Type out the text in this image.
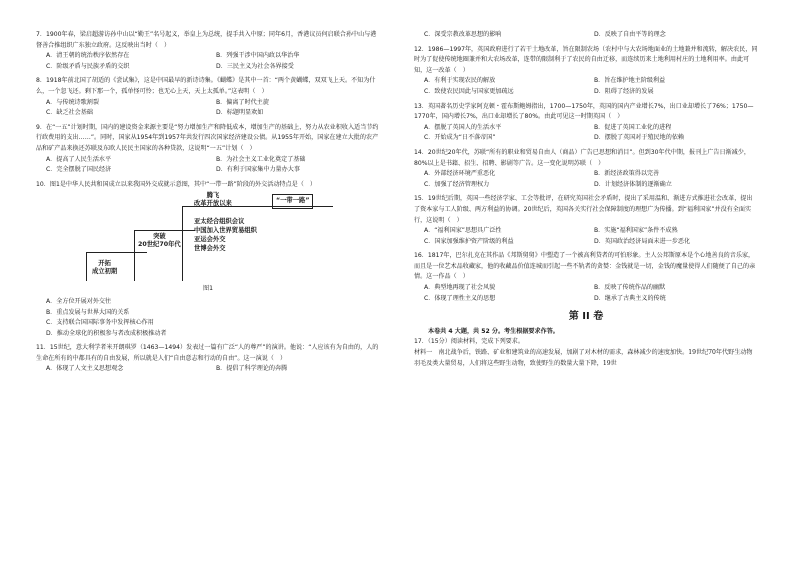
7．1900年春，梁启超游访孙中山以“勤王”名号起义，举皇上为总统，提手共入中原；同年6月，香港议员何启联合孙中山与港督善合推组织广东独立政府。这反映出当时（　）

A．清王朝的统治秩序依然存在	B．列强干涉中国内政以华治华
C．阶级矛盾与民族矛盾的交织	D．三民主义为社会各界接受

8．1918年前北国了胡适的《尝试集》，这是中国最早的新诗诗集。《蝴蝶》是其中一首：“两个黄蝴蝶，双双飞上天。不知为什么，一个忽飞还。剩下那一个，孤单怪可怜；也无心上天，天上太孤单。”这表明（　）

A．与传统诗歌割裂	B．偏离了时代主旋
C．缺乏社会基础	D．标题明显欢如

9．在“一五”计划时期，国内的建设资金来源主要是“努力增加生产和降低成本，增加生产的基础上，努力从农业积收入适当节约行政费用的支出……”。同时，国家从1954年到1957年共发行四次国家经济建设公债。从1955年开始，国家在建立大批的农产品和矿产品来换还苏联及东欧人民民主国家的各种贷款，这说明“一五”计划（　）

A．提高了人民生活水平	B．为社会主义工业化奠定了基础
C．完全摆脱了国民经济	D．有利于国家集中力量办大事

10．图1是中华人民共和国成立以来我国外交成就示意图，其中“一带一路”阶段的外交活动特点是（　）

开拓
成立初期
突破
20世纪70年代
腾飞
改革开放以来	“一带一路”
亚太经合组织会议
中国加入世界贸易组织
亚运会外交
世博会外交
图1
A．全方位开展对外交往
B．重点发展与世界大国的关系
C．支持联合国国际事务中发挥核心作用
D．推动全球化的积极参与者改成积极推动者

11．15世纪，意大利学者米开朗琪罗（1463—1494）发表过一篇有广泛“人的尊严”的演讲。他说：“人应该有为自由的，人的生命在所有的中都具有的自由发展，所以就是人们“自由意志和行动的自由”。这一演说（　）

A．体现了人文主义思想观念	B．提倡了科学理论的奔腾
C．深受宗教改革思想的影响	D．反映了自由平等的理念

12．1986—1997年，英国政府进行了若干土地改革，旨在限制农场（农村中与大农场地面业的土地兼并和流转，解决农民，同时为了促使传统地圈兼并和大农场改革，连带的限制利于了农民的自由迁移，而连续历来土地利用村庄的土地利用率。由此可知，这一改革（　）

A．有利于实现农民的解放	B．旨在维护地主阶级利益
C．致使农民因此与国家更加疏远	D．阻碍了经济的发展

13．英国著名历史学家阿克顿・霍布斯鲍姆指出，1700—1750年，英国的国内产业增长7%，出口业却增长了76%；1750—1770年，国内增长7%，出口业却增长了80%。由此可见这一时期英国（　）

A．摆脱了英国人的生活水平	B．促进了英国工业化的进程
C．开始成为“日不落帝国”	D．摆脱了英国对于殖民地的依赖

14．20世纪20年代，苏联“所有的职业和贸易自由人（商品）广告已思想和消目”。但到30年代中期，报刊上广告日渐减少，80%以上是书籍、招生、招聘、影剧等广告。这一变化说明苏联（　）

A．外部经济环境严重恶化	B．新经济政策得以完善
C．加强了经济管理权力	D．计划经济体制的逐渐确立

15．19世纪后期，英国一些经济学家、工会等批评，在研究英国社会矛盾时，提出了采用温和、渐进方式推进社会改革，提出了资本家与工人阶级、两方利益的协调。20世纪后，英国各关实行社会保障制度的理想广为传播。到“福利国家”并没有全面实行，这说明（　）

A．“福利国家”思想具广泛性	B．实施“福利国家”条件不成熟
C．国家加强维护资产阶级的利益	D．英国政治经济局面未进一步恶化

16．1817年，巴尔扎克在其作品《邦斯舅舅》中塑造了一个被高利贷者的可怕形象。主人公邦斯原本是个心地善良的音乐家，而且是一位艺术品收藏家，他的收藏品价值连城而引起一些不轨者的贪婪：金钱就是一切，金钱的魔量使得人们随便了自己的亲情。这一作品（　）

A．典型地再现了社会风貌	B．反映了传统作品的幽默
C．体现了理性主义的思想	D．继承了古典主义的传统
第 II 卷

本卷共 4 大题，共 52 分。考生根据要求作答。

17．（15分）阅读材料，完成下列要求。

材料一　南北战争后，铁路、矿业和建筑业的高速发展，加剧了对木材的需求，森林减少的速度加快。19世纪70年代野生动物羽毛及类大量贸易，人们将这些野生动物，致使野生的数量大量下降，19世
